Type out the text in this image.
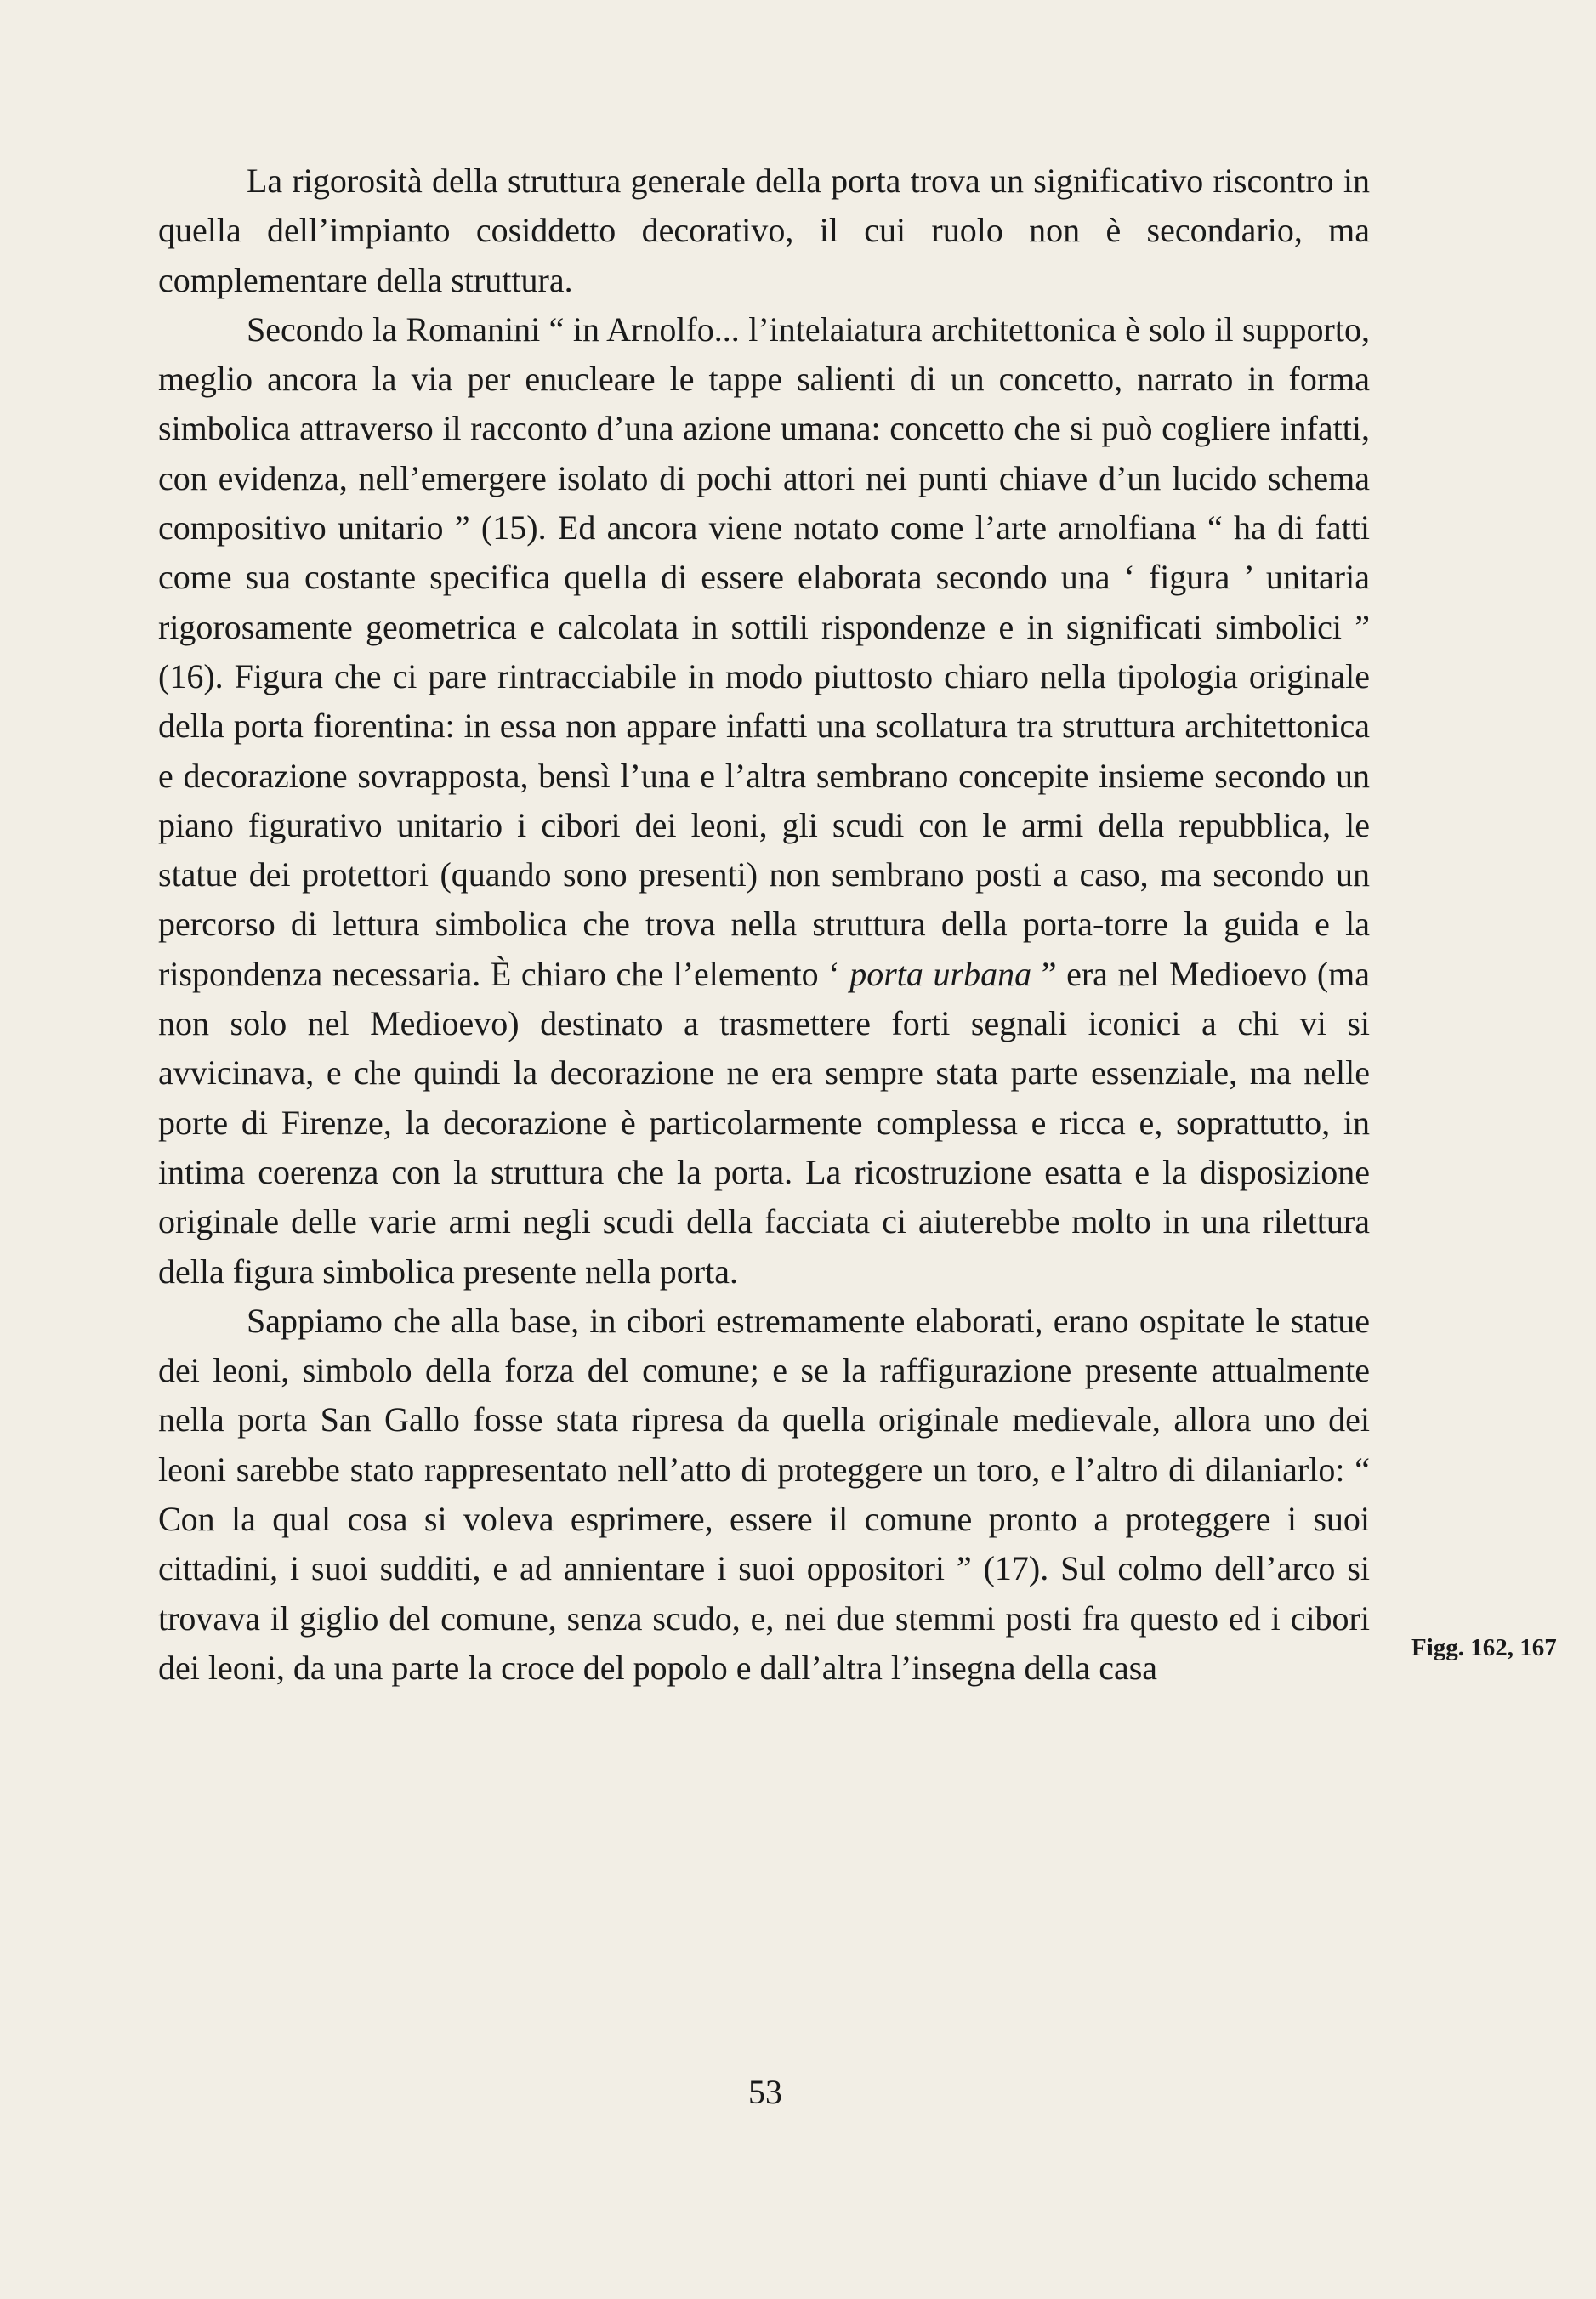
La rigorosità della struttura generale della porta trova un significativo riscontro in quella dell’impianto cosiddetto decorativo, il cui ruolo non è secondario, ma complementare della struttura.

Secondo la Romanini “ in Arnolfo... l’intelaiatura architettonica è solo il supporto, meglio ancora la via per enucleare le tappe salienti di un concetto, narrato in forma simbolica attraverso il racconto d’una azione umana: concetto che si può cogliere infatti, con evidenza, nell’emergere isolato di pochi attori nei punti chiave d’un lucido schema compositivo unitario ” (15). Ed ancora viene notato come l’arte arnolfiana “ ha di fatti come sua costante specifica quella di essere elaborata secondo una ‘ figura ’ unitaria rigorosamente geometrica e calcolata in sottili rispondenze e in significati simbolici ” (16). Figura che ci pare rintracciabile in modo piuttosto chiaro nella tipologia originale della porta fiorentina: in essa non appare infatti una scollatura tra struttura architettonica e decorazione sovrapposta, bensì l’una e l’altra sembrano concepite insieme secondo un piano figurativo unitario i cibori dei leoni, gli scudi con le armi della repubblica, le statue dei protettori (quando sono presenti) non sembrano posti a caso, ma secondo un percorso di lettura simbolica che trova nella struttura della porta-torre la guida e la rispondenza necessaria. È chiaro che l’elemento ‘ porta urbana ” era nel Medioevo (ma non solo nel Medioevo) destinato a trasmettere forti segnali iconici a chi vi si avvicinava, e che quindi la decorazione ne era sempre stata parte essenziale, ma nelle porte di Firenze, la decorazione è particolarmente complessa e ricca e, soprattutto, in intima coerenza con la struttura che la porta. La ricostruzione esatta e la disposizione originale delle varie armi negli scudi della facciata ci aiuterebbe molto in una rilettura della figura simbolica presente nella porta.

Sappiamo che alla base, in cibori estremamente elaborati, erano ospitate le statue dei leoni, simbolo della forza del comune; e se la raffigurazione presente attualmente nella porta San Gallo fosse stata ripresa da quella originale medievale, allora uno dei leoni sarebbe stato rappresentato nell’atto di proteggere un toro, e l’altro di dilaniarlo: “ Con la qual cosa si voleva esprimere, essere il comune pronto a proteggere i suoi cittadini, i suoi sudditi, e ad annientare i suoi oppositori ” (17). Sul colmo dell’arco si trovava il giglio del comune, senza scudo, e, nei due stemmi posti fra questo ed i cibori dei leoni, da una parte la croce del popolo e dall’altra l’insegna della casa

Figg. 162, 167
53
